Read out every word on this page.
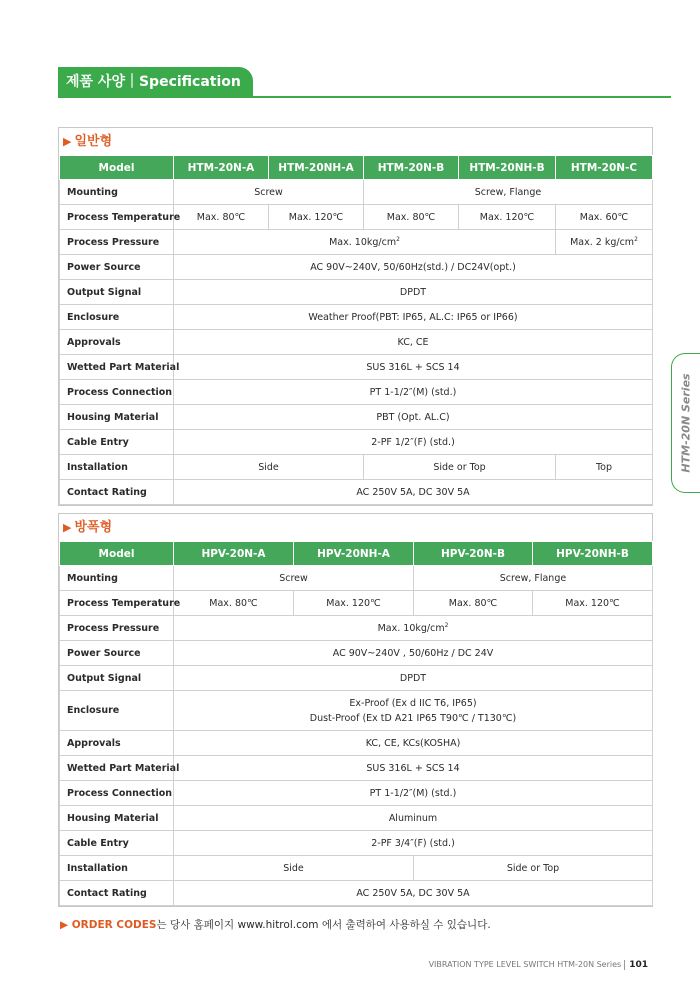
제품 사양｜Specification
▶ 일반형
Model	HTM-20N-A	HTM-20NH-A	HTM-20N-B	HTM-20NH-B	HTM-20N-C
Mounting	Screw		Screw, Flange		
Process Temperature	Max. 80℃	Max. 120℃	Max. 80℃	Max. 120℃	Max. 60℃
Process Pressure	Max. $10kg/cm^2$				Max. 2 $kg/cm^2$
Power Source	AC 90V~240V, 50/60Hz(std.) / DC24V(opt.)				
Output Signal	DPDT				
Enclosure	Weather Proof(PBT: IP65, AL.C: IP65 or IP66)				
Approvals	KC, CE				
Wetted Part Material	SUS 316L + SCS 14				
Process Connection	PT 1-1/2″(M) (std.)				
Housing Material	PBT (Opt. AL.C)				
Cable Entry	2-PF 1/2″(F) (std.)				
Installation	Side		Side or Top		Top
Contact Rating	AC 250V 5A, DC 30V 5A				
▶ 방폭형
Model	HPV-20N-A	HPV-20NH-A	HPV-20N-B	HPV-20NH-B
Mounting	Screw		Screw, Flange	
Process Temperature	Max. 80℃	Max. 120℃	Max. 80℃	Max. 120℃
Process Pressure	Max. $10kg/cm^2$
Power Source	AC 90V~240V , 50/60Hz / DC 24V			
Output Signal	DPDT			
Enclosure	Ex-Proof (Ex d IIC T6, IP65)
Dust-Proof (Ex tD A21 IP65 T90℃ / T130℃)			

Approvals	KC, CE, KCs(KOSHA)			
Wetted Part Material	SUS 316L + SCS 14			
Process Connection	PT 1-1/2″(M) (std.)			
Housing Material	Aluminum			
Cable Entry	2-PF 3/4″(F) (std.)			
Installation	Side		Side or Top	
Contact Rating	AC 250V 5A, DC 30V 5A			
HTM-20N Series
▶ ORDER CODES는 당사 홈페이지 www.hitrol.com 에서 출력하여 사용하실 수 있습니다.
VIBRATION TYPE LEVEL SWITCH HTM-20N Series 101
